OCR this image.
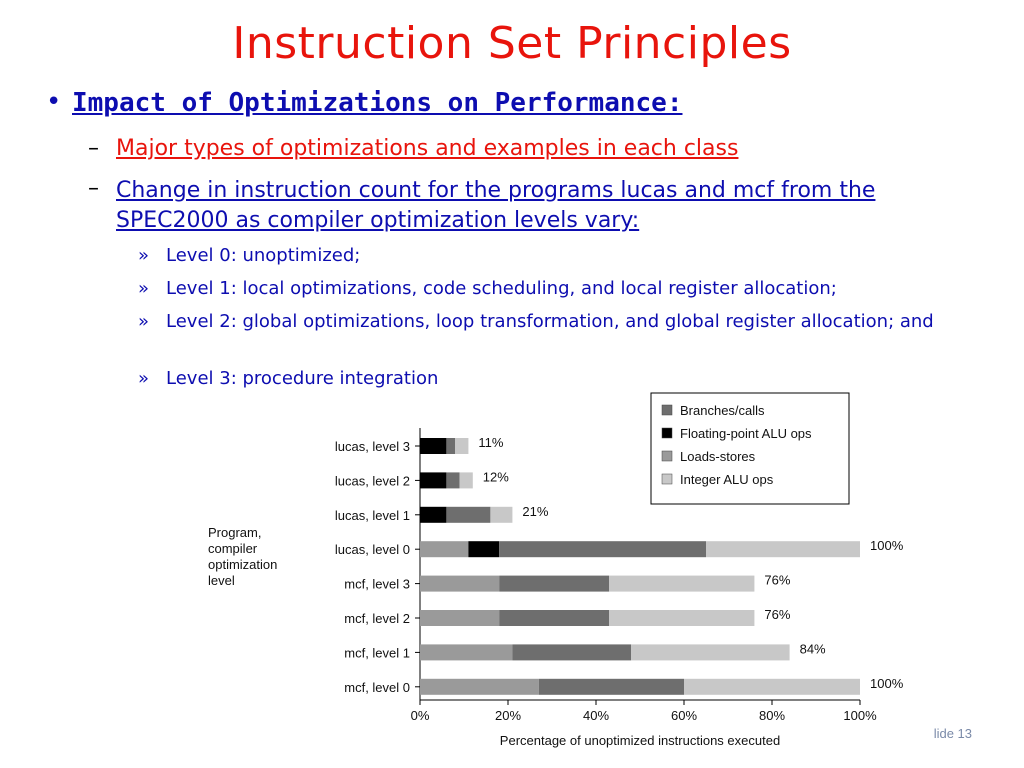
Instruction Set Principles
• Impact of Optimizations on Performance:
– Major types of optimizations and examples in each class
– Change in instruction count for the programs lucas and mcf from the SPEC2000 as compiler optimization levels vary:
» Level 0: unoptimized;
» Level 1: local optimizations, code scheduling, and local register allocation;
» Level 2: global optimizations, loop transformation, and global register allocation; and
» Level 3: procedure integration
lucas, level 3	11%
lucas, level 2	12%
lucas, level 1	21%
lucas, level 0	100%
mcf, level 3	76%
mcf, level 2	76%
mcf, level 1	84%
mcf, level 0	100%
0%	20%	40%	60%	80%	100%
Percentage of unoptimized instructions executed
Program,
compiler
optimization
level
Branches/calls
Floating-point ALU ops
Loads-stores
Integer ALU ops
lide 13
